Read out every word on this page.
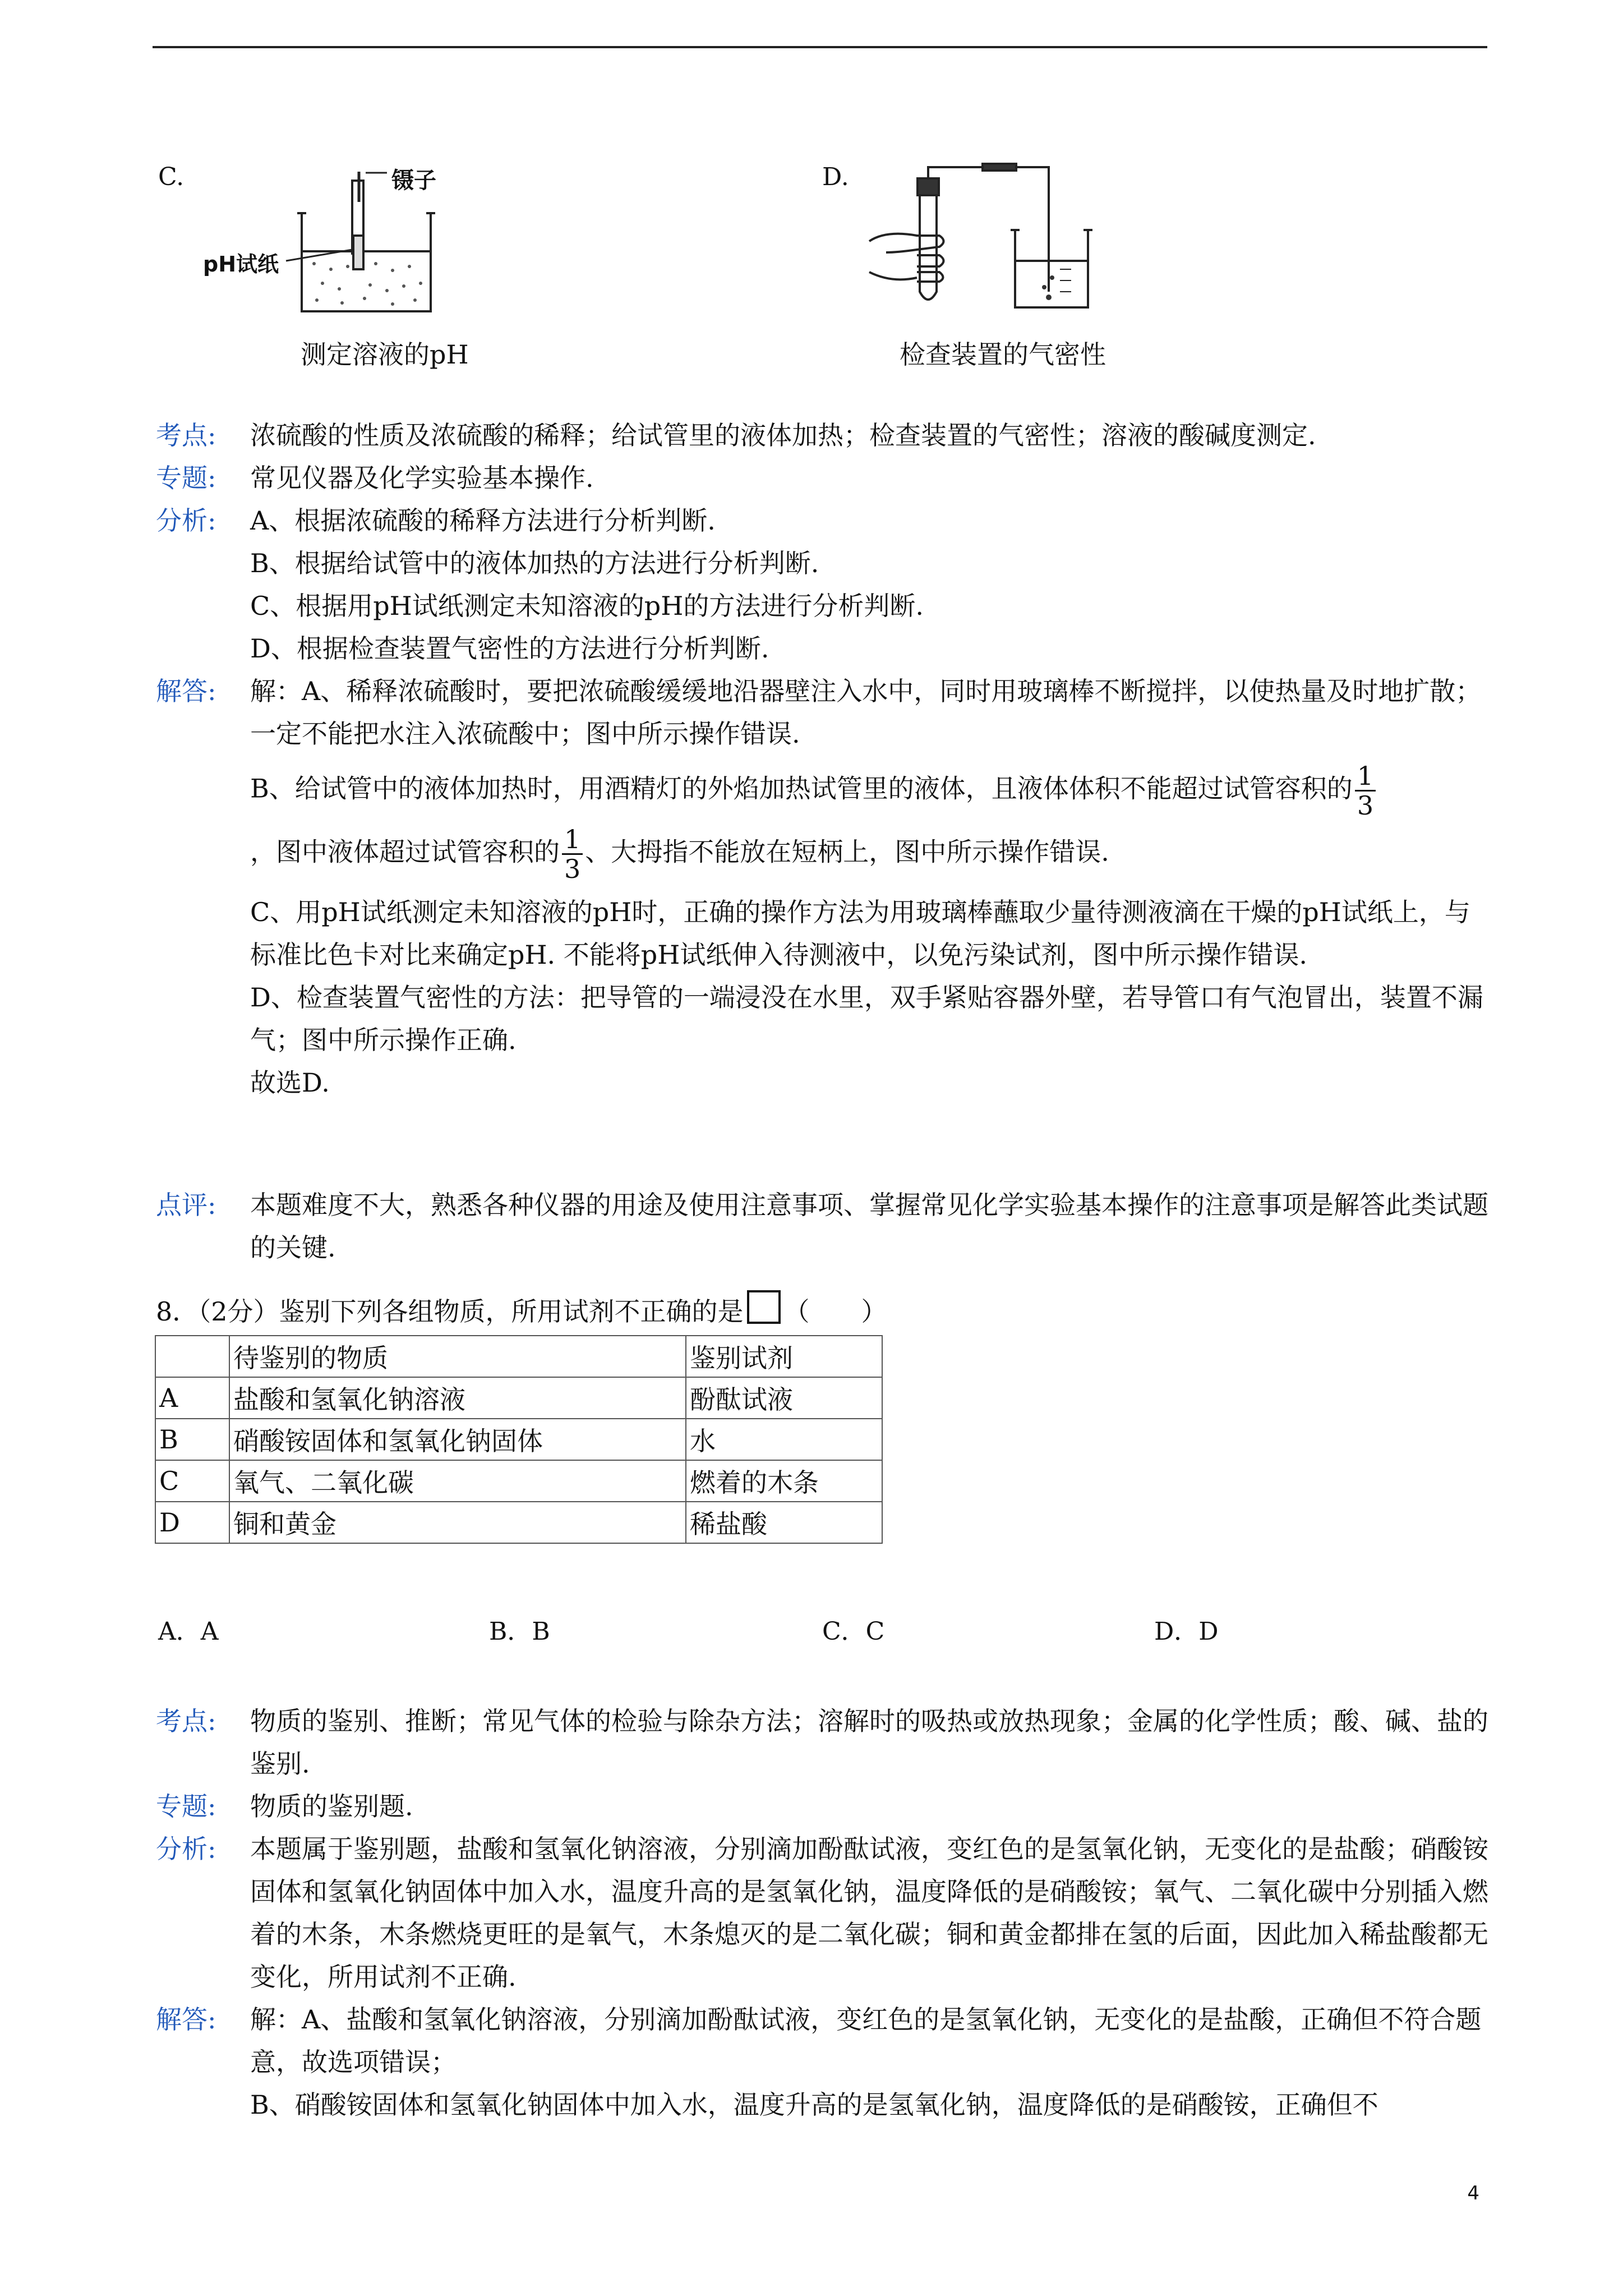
C.	镊子
pH试纸
测定溶液的pH
D.
检查装置的气密性
考点: 浓硫酸的性质及浓硫酸的稀释；给试管里的液体加热；检查装置的气密性；溶液的酸碱度测定.
专题: 常见仪器及化学实验基本操作.
分析: A、根据浓硫酸的稀释方法进行分析判断.
B、根据给试管中的液体加热的方法进行分析判断.
C、根据用pH试纸测定未知溶液的pH的方法进行分析判断.
D、根据检查装置气密性的方法进行分析判断.
解答: 解：A、稀释浓硫酸时，要把浓硫酸缓缓地沿器壁注入水中，同时用玻璃棒不断搅拌，以使热量及时地扩散；一定不能把水注入浓硫酸中；图中所示操作错误.
B、给试管中的液体加热时，用酒精灯的外焰加热试管里的液体，且液体体积不能超过试管容积的 $\frac{1}{3}$
，图中液体超过试管容积的 $\frac{1}{3}$ 、大拇指不能放在短柄上，图中所示操作错误.
C、用pH试纸测定未知溶液的pH时，正确的操作方法为用玻璃棒蘸取少量待测液滴在干燥的pH试纸上，与标准比色卡对比来确定pH. 不能将pH试纸伸入待测液中，以免污染试剂，图中所示操作错误.
D、检查装置气密性的方法：把导管的一端浸没在水里，双手紧贴容器外壁，若导管口有气泡冒出，装置不漏气；图中所示操作正确.
故选D.
点评: 本题难度不大，熟悉各种仪器的用途及使用注意事项、掌握常见化学实验基本操作的注意事项是解答此类试题的关键.
8．（2分）鉴别下列各组物质，所用试剂不正确的是 （　　）
	待鉴别的物质	鉴别试剂
A	盐酸和氢氧化钠溶液	酚酞试液
B	硝酸铵固体和氢氧化钠固体	水
C	氧气、二氧化碳	燃着的木条
D	铜和黄金	稀盐酸
A．A	B．B	C．C	D．D
考点: 物质的鉴别、推断；常见气体的检验与除杂方法；溶解时的吸热或放热现象；金属的化学性质；酸、碱、盐的鉴别.
专题: 物质的鉴别题.
分析: 本题属于鉴别题，盐酸和氢氧化钠溶液，分别滴加酚酞试液，变红色的是氢氧化钠，无变化的是盐酸；硝酸铵固体和氢氧化钠固体中加入水，温度升高的是氢氧化钠，温度降低的是硝酸铵；氧气、二氧化碳中分别插入燃着的木条，木条燃烧更旺的是氧气，木条熄灭的是二氧化碳；铜和黄金都排在氢的后面，因此加入稀盐酸都无变化，所用试剂不正确.
解答: 解：A、盐酸和氢氧化钠溶液，分别滴加酚酞试液，变红色的是氢氧化钠，无变化的是盐酸，正确但不符合题意，故选项错误；
B、硝酸铵固体和氢氧化钠固体中加入水，温度升高的是氢氧化钠，温度降低的是硝酸铵，正确但不
4
